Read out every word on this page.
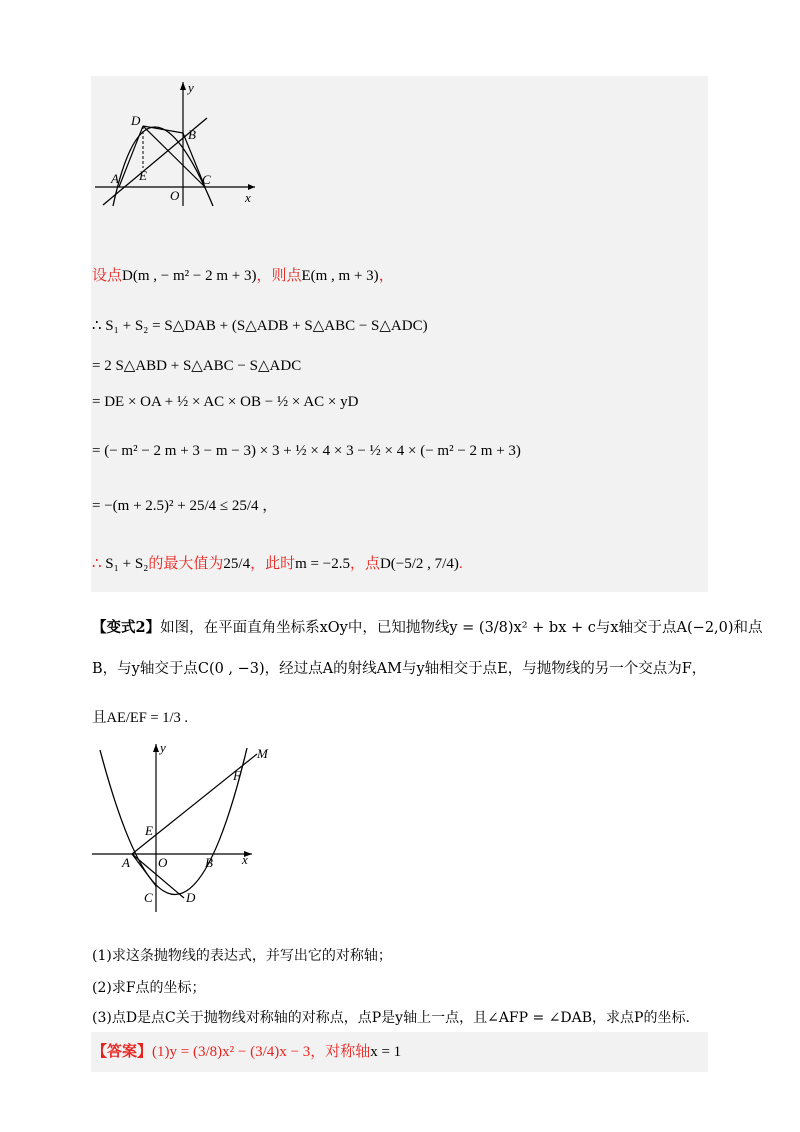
y
D
B
A E
O
C
x
设点D(m , − m² − 2 m + 3)，则点E(m , m + 3)，
∴ S₁ + S₂ = S△DAB + (S△ADB + S△ABC − S△ADC)
= 2 S△ABD + S△ABC − S△ADC
= DE × OA + ½ × AC × OB − ½ × AC × yD
= (− m² − 2 m + 3 − m − 3) × 3 + ½ × 4 × 3 − ½ × 4 × (− m² − 2 m + 3)
= −(m + 2.5)² + 25/4 ≤ 25/4 ，
∴ S₁ + S₂的最大值为25/4，此时m = −2.5，点D(−5/2 , 7/4).
【变式2】如图，在平面直角坐标系xOy中，已知抛物线y = (3/8)x² + bx + c与x轴交于点A(−2,0)和点
B，与y轴交于点C(0 , −3)，经过点A的射线AM与y轴相交于点E，与抛物线的另一个交点为F，
且AE/EF = 1/3 .
y	M
F
E
A O	B x
C	D
(1)求这条抛物线的表达式，并写出它的对称轴；
(2)求F点的坐标；
(3)点D是点C关于抛物线对称轴的对称点，点P是y轴上一点，且∠AFP = ∠DAB，求点P的坐标.
【答案】(1)y = (3/8)x² − (3/4)x − 3，对称轴x = 1
